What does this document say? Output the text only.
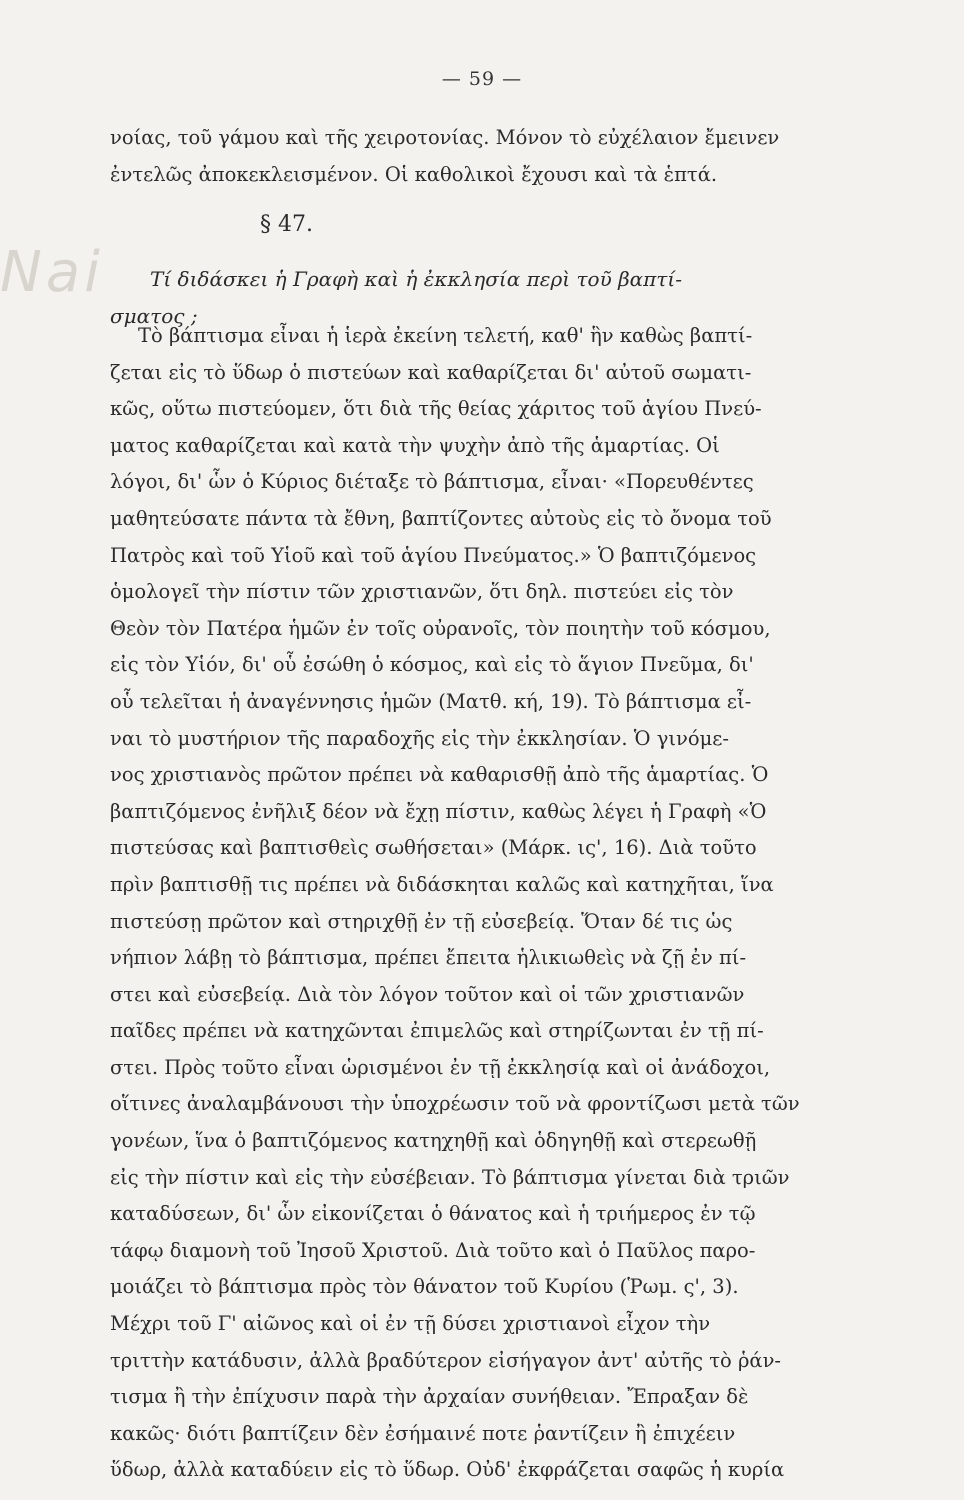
— 59 —
νοίας, τοῦ γάμου καὶ τῆς χειροτονίας. Μόνον τὸ εὐχέλαιον ἔμεινεν
ἐντελῶς ἀποκεκλεισμένον. Οἱ καθολικοὶ ἔχουσι καὶ τὰ ἑπτά.
§ 47.
Nai	Τί διδάσκει ἡ Γραφὴ καὶ ἡ ἐκκλησία περὶ τοῦ βαπτί-
σματος ;
Τὸ βάπτισμα εἶναι ἡ ἱερὰ ἐκείνη τελετή, καθ' ἣν καθὼς βαπτί-
ζεται εἰς τὸ ὕδωρ ὁ πιστεύων καὶ καθαρίζεται δι' αὐτοῦ σωματι-
κῶς, οὕτω πιστεύομεν, ὅτι διὰ τῆς θείας χάριτος τοῦ ἁγίου Πνεύ-
ματος καθαρίζεται καὶ κατὰ τὴν ψυχὴν ἀπὸ τῆς ἁμαρτίας. Οἱ
λόγοι, δι' ὧν ὁ Κύριος διέταξε τὸ βάπτισμα, εἶναι· «Πορευθέντες
μαθητεύσατε πάντα τὰ ἔθνη, βαπτίζοντες αὐτοὺς εἰς τὸ ὄνομα τοῦ
Πατρὸς καὶ τοῦ Υἱοῦ καὶ τοῦ ἁγίου Πνεύματος.» Ὁ βαπτιζόμενος
ὁμολογεῖ τὴν πίστιν τῶν χριστιανῶν, ὅτι δηλ. πιστεύει εἰς τὸν
Θεὸν τὸν Πατέρα ἡμῶν ἐν τοῖς οὐρανοῖς, τὸν ποιητὴν τοῦ κόσμου,
εἰς τὸν Υἱόν, δι' οὗ ἐσώθη ὁ κόσμος, καὶ εἰς τὸ ἅγιον Πνεῦμα, δι'
οὗ τελεῖται ἡ ἀναγέννησις ἡμῶν (Ματθ. κή, 19). Τὸ βάπτισμα εἶ-
ναι τὸ μυστήριον τῆς παραδοχῆς εἰς τὴν ἐκκλησίαν. Ὁ γινόμε-
νος χριστιανὸς πρῶτον πρέπει νὰ καθαρισθῇ ἀπὸ τῆς ἁμαρτίας. Ὁ
βαπτιζόμενος ἐνῆλιξ δέον νὰ ἔχῃ πίστιν, καθὼς λέγει ἡ Γραφὴ «Ὁ
πιστεύσας καὶ βαπτισθεὶς σωθήσεται» (Μάρκ. ις', 16). Διὰ τοῦτο
πρὶν βαπτισθῇ τις πρέπει νὰ διδάσκηται καλῶς καὶ κατηχῆται, ἵνα
πιστεύσῃ πρῶτον καὶ στηριχθῇ ἐν τῇ εὐσεβείᾳ. Ὅταν δέ τις ὡς
νήπιον λάβῃ τὸ βάπτισμα, πρέπει ἔπειτα ἡλικιωθεὶς νὰ ζῇ ἐν πί-
στει καὶ εὐσεβείᾳ. Διὰ τὸν λόγον τοῦτον καὶ οἱ τῶν χριστιανῶν
παῖδες πρέπει νὰ κατηχῶνται ἐπιμελῶς καὶ στηρίζωνται ἐν τῇ πί-
στει. Πρὸς τοῦτο εἶναι ὡρισμένοι ἐν τῇ ἐκκλησίᾳ καὶ οἱ ἀνάδοχοι,
οἵτινες ἀναλαμβάνουσι τὴν ὑποχρέωσιν τοῦ νὰ φροντίζωσι μετὰ τῶν
γονέων, ἵνα ὁ βαπτιζόμενος κατηχηθῇ καὶ ὁδηγηθῇ καὶ στερεωθῇ
εἰς τὴν πίστιν καὶ εἰς τὴν εὐσέβειαν. Τὸ βάπτισμα γίνεται διὰ τριῶν
καταδύσεων, δι' ὧν εἰκονίζεται ὁ θάνατος καὶ ἡ τριήμερος ἐν τῷ
τάφῳ διαμονὴ τοῦ Ἰησοῦ Χριστοῦ. Διὰ τοῦτο καὶ ὁ Παῦλος παρο-
μοιάζει τὸ βάπτισμα πρὸς τὸν θάνατον τοῦ Κυρίου (Ῥωμ. ς', 3).
Μέχρι τοῦ Γ' αἰῶνος καὶ οἱ ἐν τῇ δύσει χριστιανοὶ εἶχον τὴν
τριττὴν κατάδυσιν, ἀλλὰ βραδύτερον εἰσήγαγον ἀντ' αὐτῆς τὸ ῥάν-
τισμα ἢ τὴν ἐπίχυσιν παρὰ τὴν ἀρχαίαν συνήθειαν. Ἔπραξαν δὲ
κακῶς· διότι βαπτίζειν δὲν ἐσήμαινέ ποτε ῥαντίζειν ἢ ἐπιχέειν
ὕδωρ, ἀλλὰ καταδύειν εἰς τὸ ὕδωρ. Οὐδ' ἐκφράζεται σαφῶς ἡ κυρία
